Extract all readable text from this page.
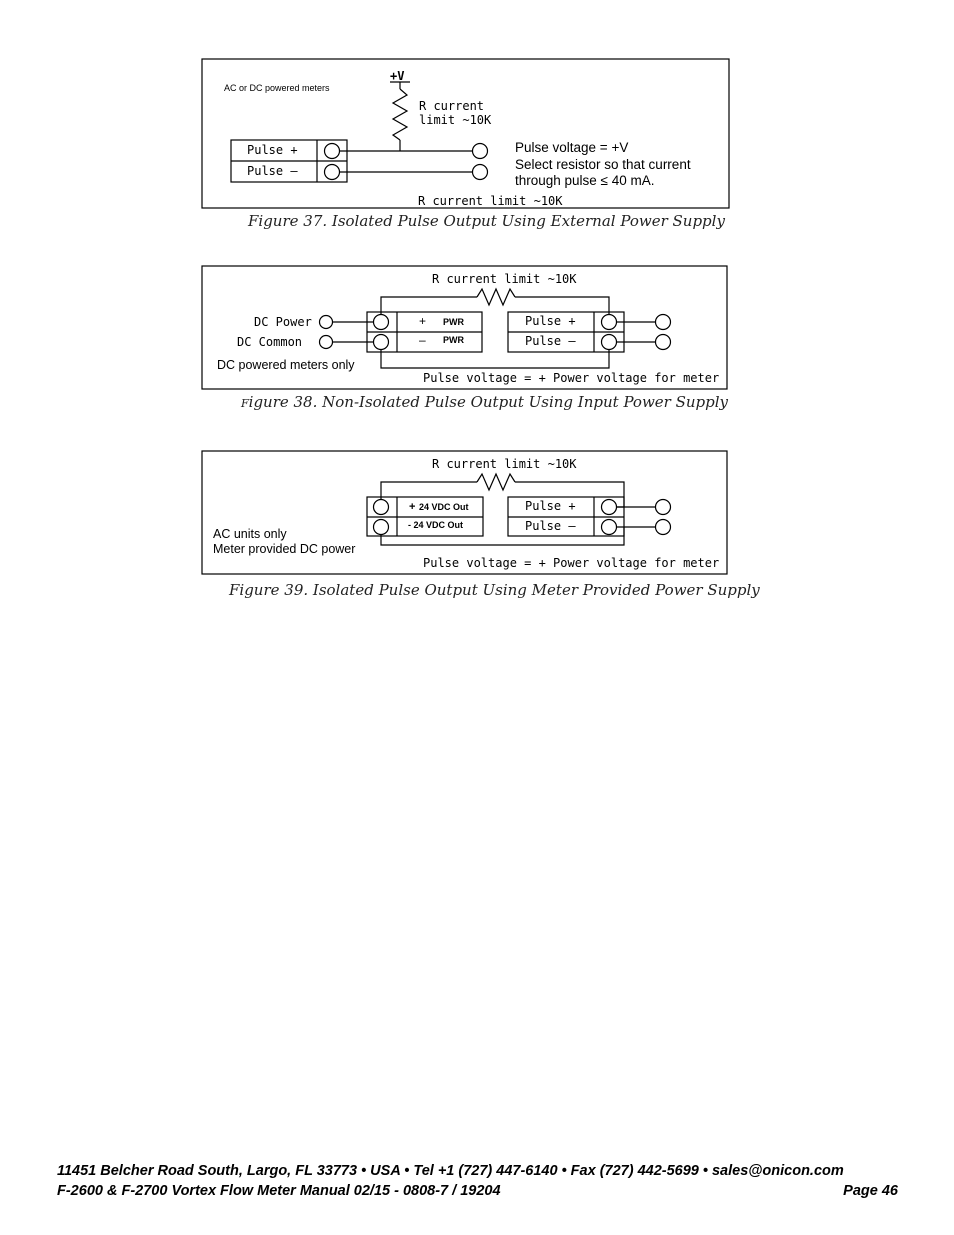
AC or DC powered meters
+V
R current
limit ~10K
Pulse +
Pulse –
Pulse voltage = +V
Select resistor so that current
through pulse ≤ 40 mA.
R current limit ~10K
R current limit ~10K
DC Power
DC Common
+ PWR
– PWR
Pulse +
Pulse –
DC powered meters only
Pulse voltage = + Power voltage for meter
R current limit ~10K
+ 24 VDC Out
- 24 VDC Out
Pulse +
Pulse –
AC units only
Meter provided DC power
Pulse voltage = + Power voltage for meter
Figure 37. Isolated Pulse Output Using External Power Supply
Figure 38. Non-Isolated Pulse Output Using Input Power Supply
Figure 39. Isolated Pulse Output Using Meter Provided Power Supply
11451 Belcher Road South, Largo, FL 33773 • USA • Tel +1 (727) 447-6140 • Fax (727) 442-5699 • sales@onicon.com
F-2600 & F-2700 Vortex Flow Meter Manual 02/15 - 0808-7 / 19204	Page 46
